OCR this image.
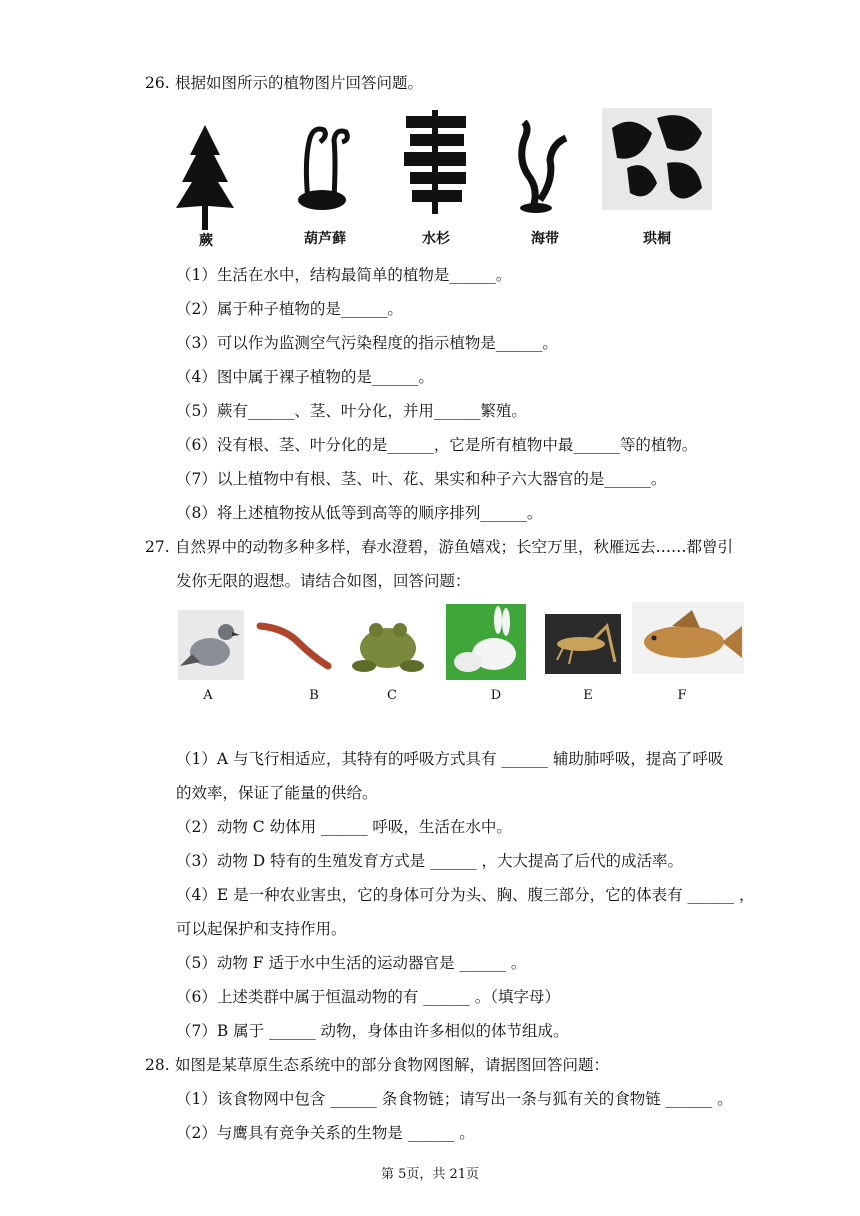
26. 根据如图所示的植物图片回答问题。
蕨	葫芦藓	水杉	海带	珙桐
（1）生活在水中，结构最简单的植物是______。
（2）属于种子植物的是______。
（3）可以作为监测空气污染程度的指示植物是______。
（4）图中属于裸子植物的是______。
（5）蕨有______、茎、叶分化，并用______繁殖。
（6）没有根、茎、叶分化的是______，它是所有植物中最______等的植物。
（7）以上植物中有根、茎、叶、花、果实和种子六大器官的是______。
（8）将上述植物按从低等到高等的顺序排列______。
27. 自然界中的动物多种多样，春水澄碧，游鱼嬉戏；长空万里，秋雁远去……都曾引
发你无限的遐想。请结合如图，回答问题：
A	B	C	D	E	F
（1）A 与飞行相适应，其特有的呼吸方式具有 ______ 辅助肺呼吸，提高了呼吸
的效率，保证了能量的供给。
（2）动物 C 幼体用 ______ 呼吸，生活在水中。
（3）动物 D 特有的生殖发育方式是 ______ ，大大提高了后代的成活率。
（4）E 是一种农业害虫，它的身体可分为头、胸、腹三部分，它的体表有 ______ ，
可以起保护和支持作用。
（5）动物 F 适于水中生活的运动器官是 ______ 。
（6）上述类群中属于恒温动物的有 ______ 。（填字母）
（7）B 属于 ______ 动物，身体由许多相似的体节组成。
28. 如图是某草原生态系统中的部分食物网图解，请据图回答问题：
（1）该食物网中包含 ______ 条食物链；请写出一条与狐有关的食物链 ______ 。
（2）与鹰具有竞争关系的生物是 ______ 。
第 5页，共 21页
